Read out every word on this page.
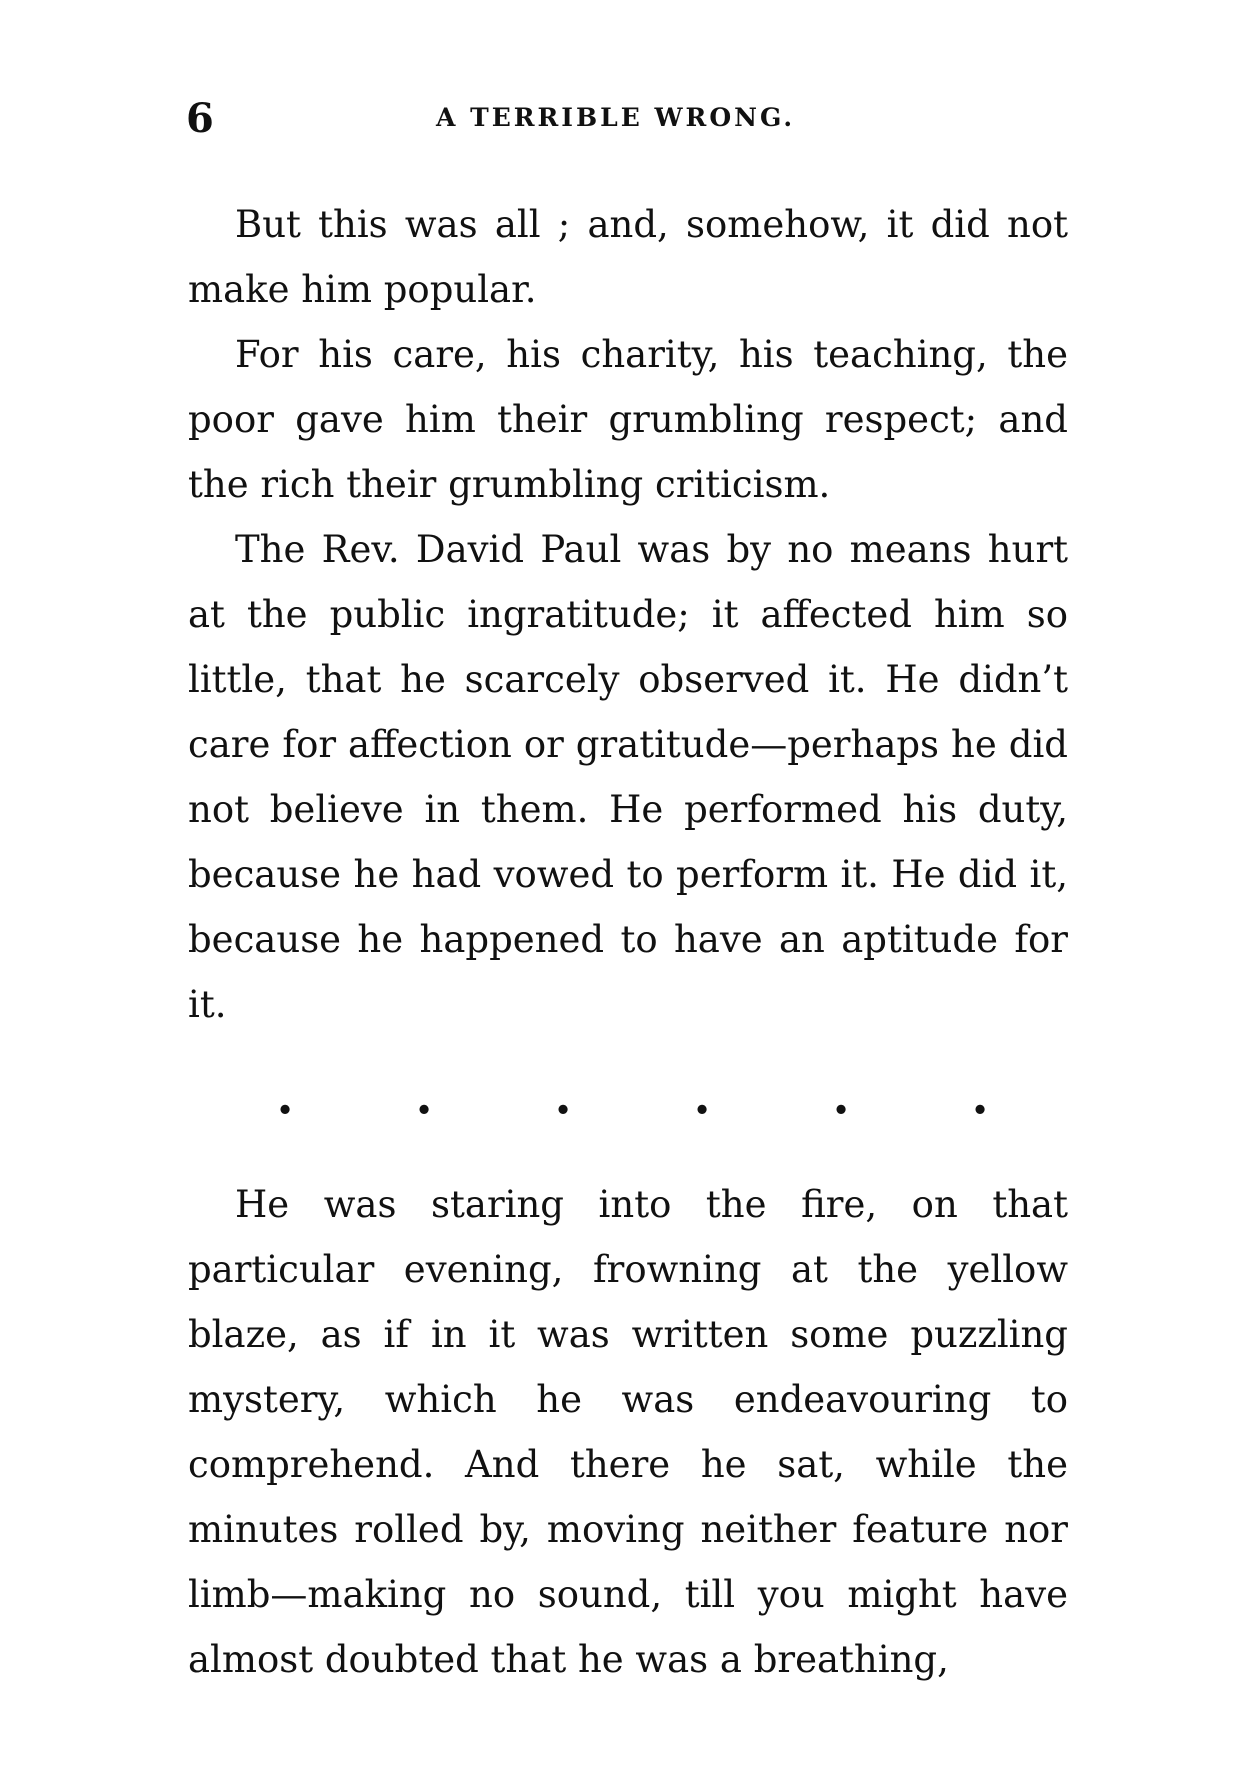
6	A TERRIBLE WRONG.

But this was all ; and, somehow, it did not make him popular.

For his care, his charity, his teaching, the poor gave him their grumbling respect; and the rich their grumbling criticism.

The Rev. David Paul was by no means hurt at the public ingratitude; it affected him so little, that he scarcely observed it. He didn’t care for affection or gratitude—perhaps he did not believe in them. He performed his duty, because he had vowed to perform it. He did it, because he happened to have an aptitude for it.

•	•	•	•	•	•

He was staring into the fire, on that particular evening, frowning at the yellow blaze, as if in it was written some puzzling mystery, which he was endeavouring to comprehend. And there he sat, while the minutes rolled by, moving neither feature nor limb—making no sound, till you might have almost doubted that he was a breathing,
